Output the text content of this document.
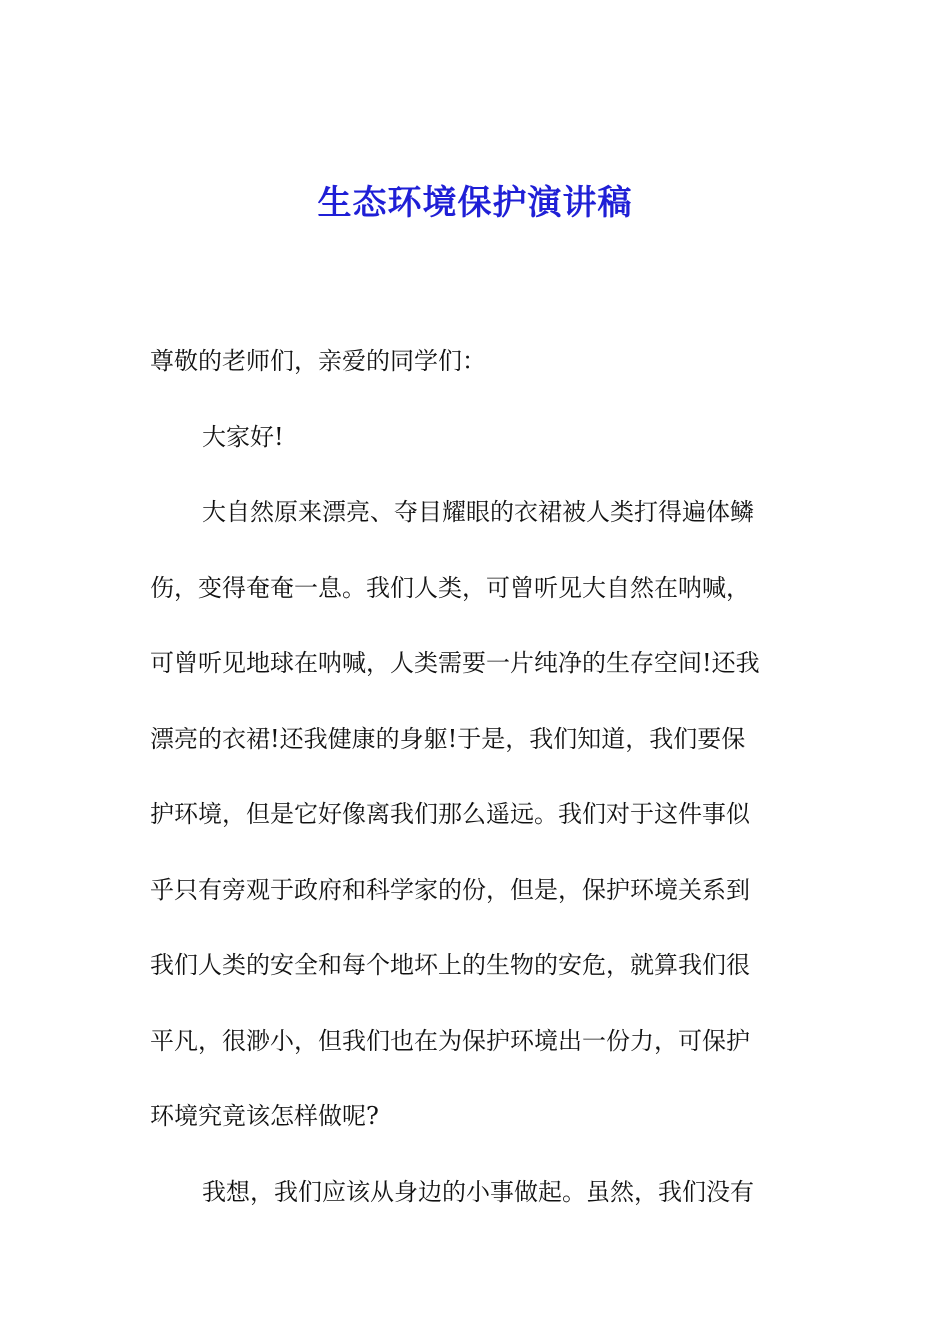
生态环境保护演讲稿
尊敬的老师们，亲爱的同学们：
大家好!
大自然原来漂亮、夺目耀眼的衣裙被人类打得遍体鳞
伤，变得奄奄一息。我们人类，可曾听见大自然在呐喊，
可曾听见地球在呐喊，人类需要一片纯净的生存空间!还我
漂亮的衣裙!还我健康的身躯!于是，我们知道，我们要保
护环境，但是它好像离我们那么遥远。我们对于这件事似
乎只有旁观于政府和科学家的份，但是，保护环境关系到
我们人类的安全和每个地坏上的生物的安危，就算我们很
平凡，很渺小，但我们也在为保护环境出一份力，可保护
环境究竟该怎样做呢?
我想，我们应该从身边的小事做起。虽然，我们没有
